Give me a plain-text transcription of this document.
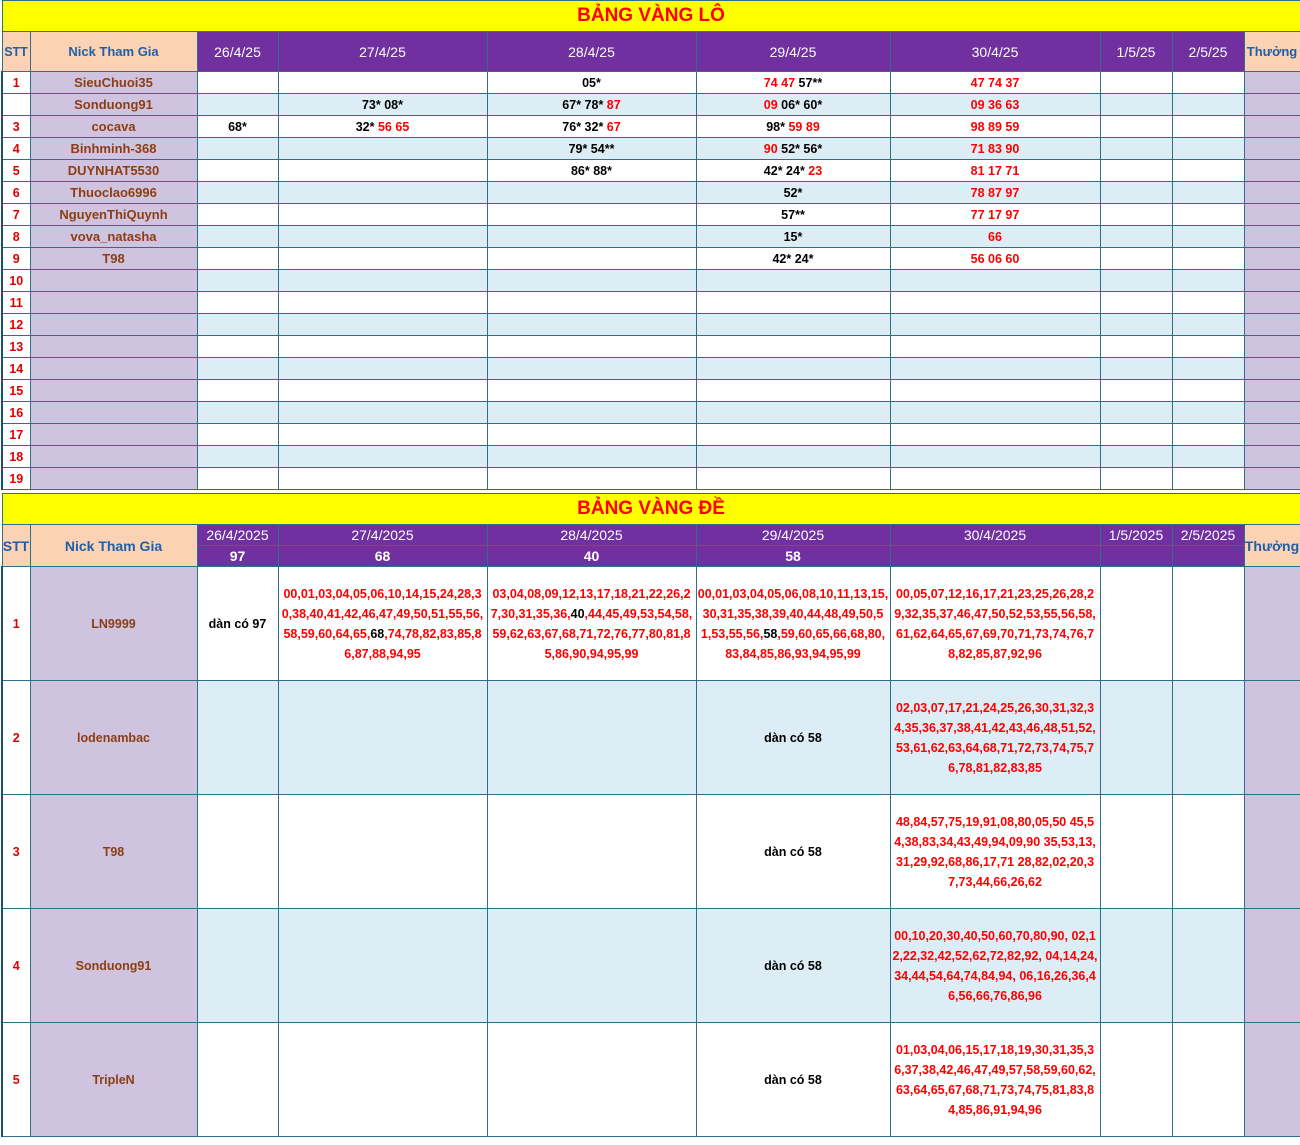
BẢNG VÀNG LÔ									
STT	Nick Tham Gia	26/4/25	27/4/25	28/4/25	29/4/25	30/4/25	1/5/25	2/5/25	Thưởng
1	SieuChuoi35			05*	74 47 57**	47 74 37			
	Sonduong91		73* 08*	67* 78* 87	09 06* 60*	09 36 63			
3	cocava	68*	32* 56 65	76* 32* 67	98* 59 89	98 89 59			
4	Binhminh-368			79* 54**	90 52* 56*	71 83 90			
5	DUYNHAT5530			86* 88*	42* 24* 23	81 17 71			
6	Thuoclao6996				52*	78 87 97			
7	NguyenThiQuynh				57**	77 17 97			
8	vova_natasha				15*	66			
9	T98				42* 24*	56 06 60			
10									
11									
12									
13									
14									
15									
16									
17									
18									
19									
BẢNG VÀNG ĐỀ									
STT	Nick Tham Gia	26/4/2025	27/4/2025	28/4/2025	29/4/2025	30/4/2025	1/5/2025	2/5/2025	Thưởng
		97	68	40	58				
1	LN9999	dàn có 97	00,01,03,04,05,06,10,14,15,24,28,30,38,40,41,42,46,47,49,50,51,55,56,58,59,60,64,65,68,74,78,82,83,85,86,87,88,94,95	03,04,08,09,12,13,17,18,21,22,26,27,30,31,35,36,40,44,45,49,53,54,58,59,62,63,67,68,71,72,76,77,80,81,85,86,90,94,95,99	00,01,03,04,05,06,08,10,11,13,15,30,31,35,38,39,40,44,48,49,50,51,53,55,56,58,59,60,65,66,68,80,83,84,85,86,93,94,95,99	00,05,07,12,16,17,21,23,25,26,28,29,32,35,37,46,47,50,52,53,55,56,58,61,62,64,65,67,69,70,71,73,74,76,78,82,85,87,92,96			
2	lodenambac				dàn có 58	02,03,07,17,21,24,25,26,30,31,32,34,35,36,37,38,41,42,43,46,48,51,52,53,61,62,63,64,68,71,72,73,74,75,76,78,81,82,83,85			
3	T98				dàn có 58	48,84,57,75,19,91,08,80,05,50 45,54,38,83,34,43,49,94,09,90 35,53,13,31,29,92,68,86,17,71 28,82,02,20,37,73,44,66,26,62			
4	Sonduong91				dàn có 58	00,10,20,30,40,50,60,70,80,90, 02,12,22,32,42,52,62,72,82,92, 04,14,24,34,44,54,64,74,84,94, 06,16,26,36,46,56,66,76,86,96			
5	TripleN				dàn có 58	01,03,04,06,15,17,18,19,30,31,35,36,37,38,42,46,47,49,57,58,59,60,62,63,64,65,67,68,71,73,74,75,81,83,84,85,86,91,94,96			
